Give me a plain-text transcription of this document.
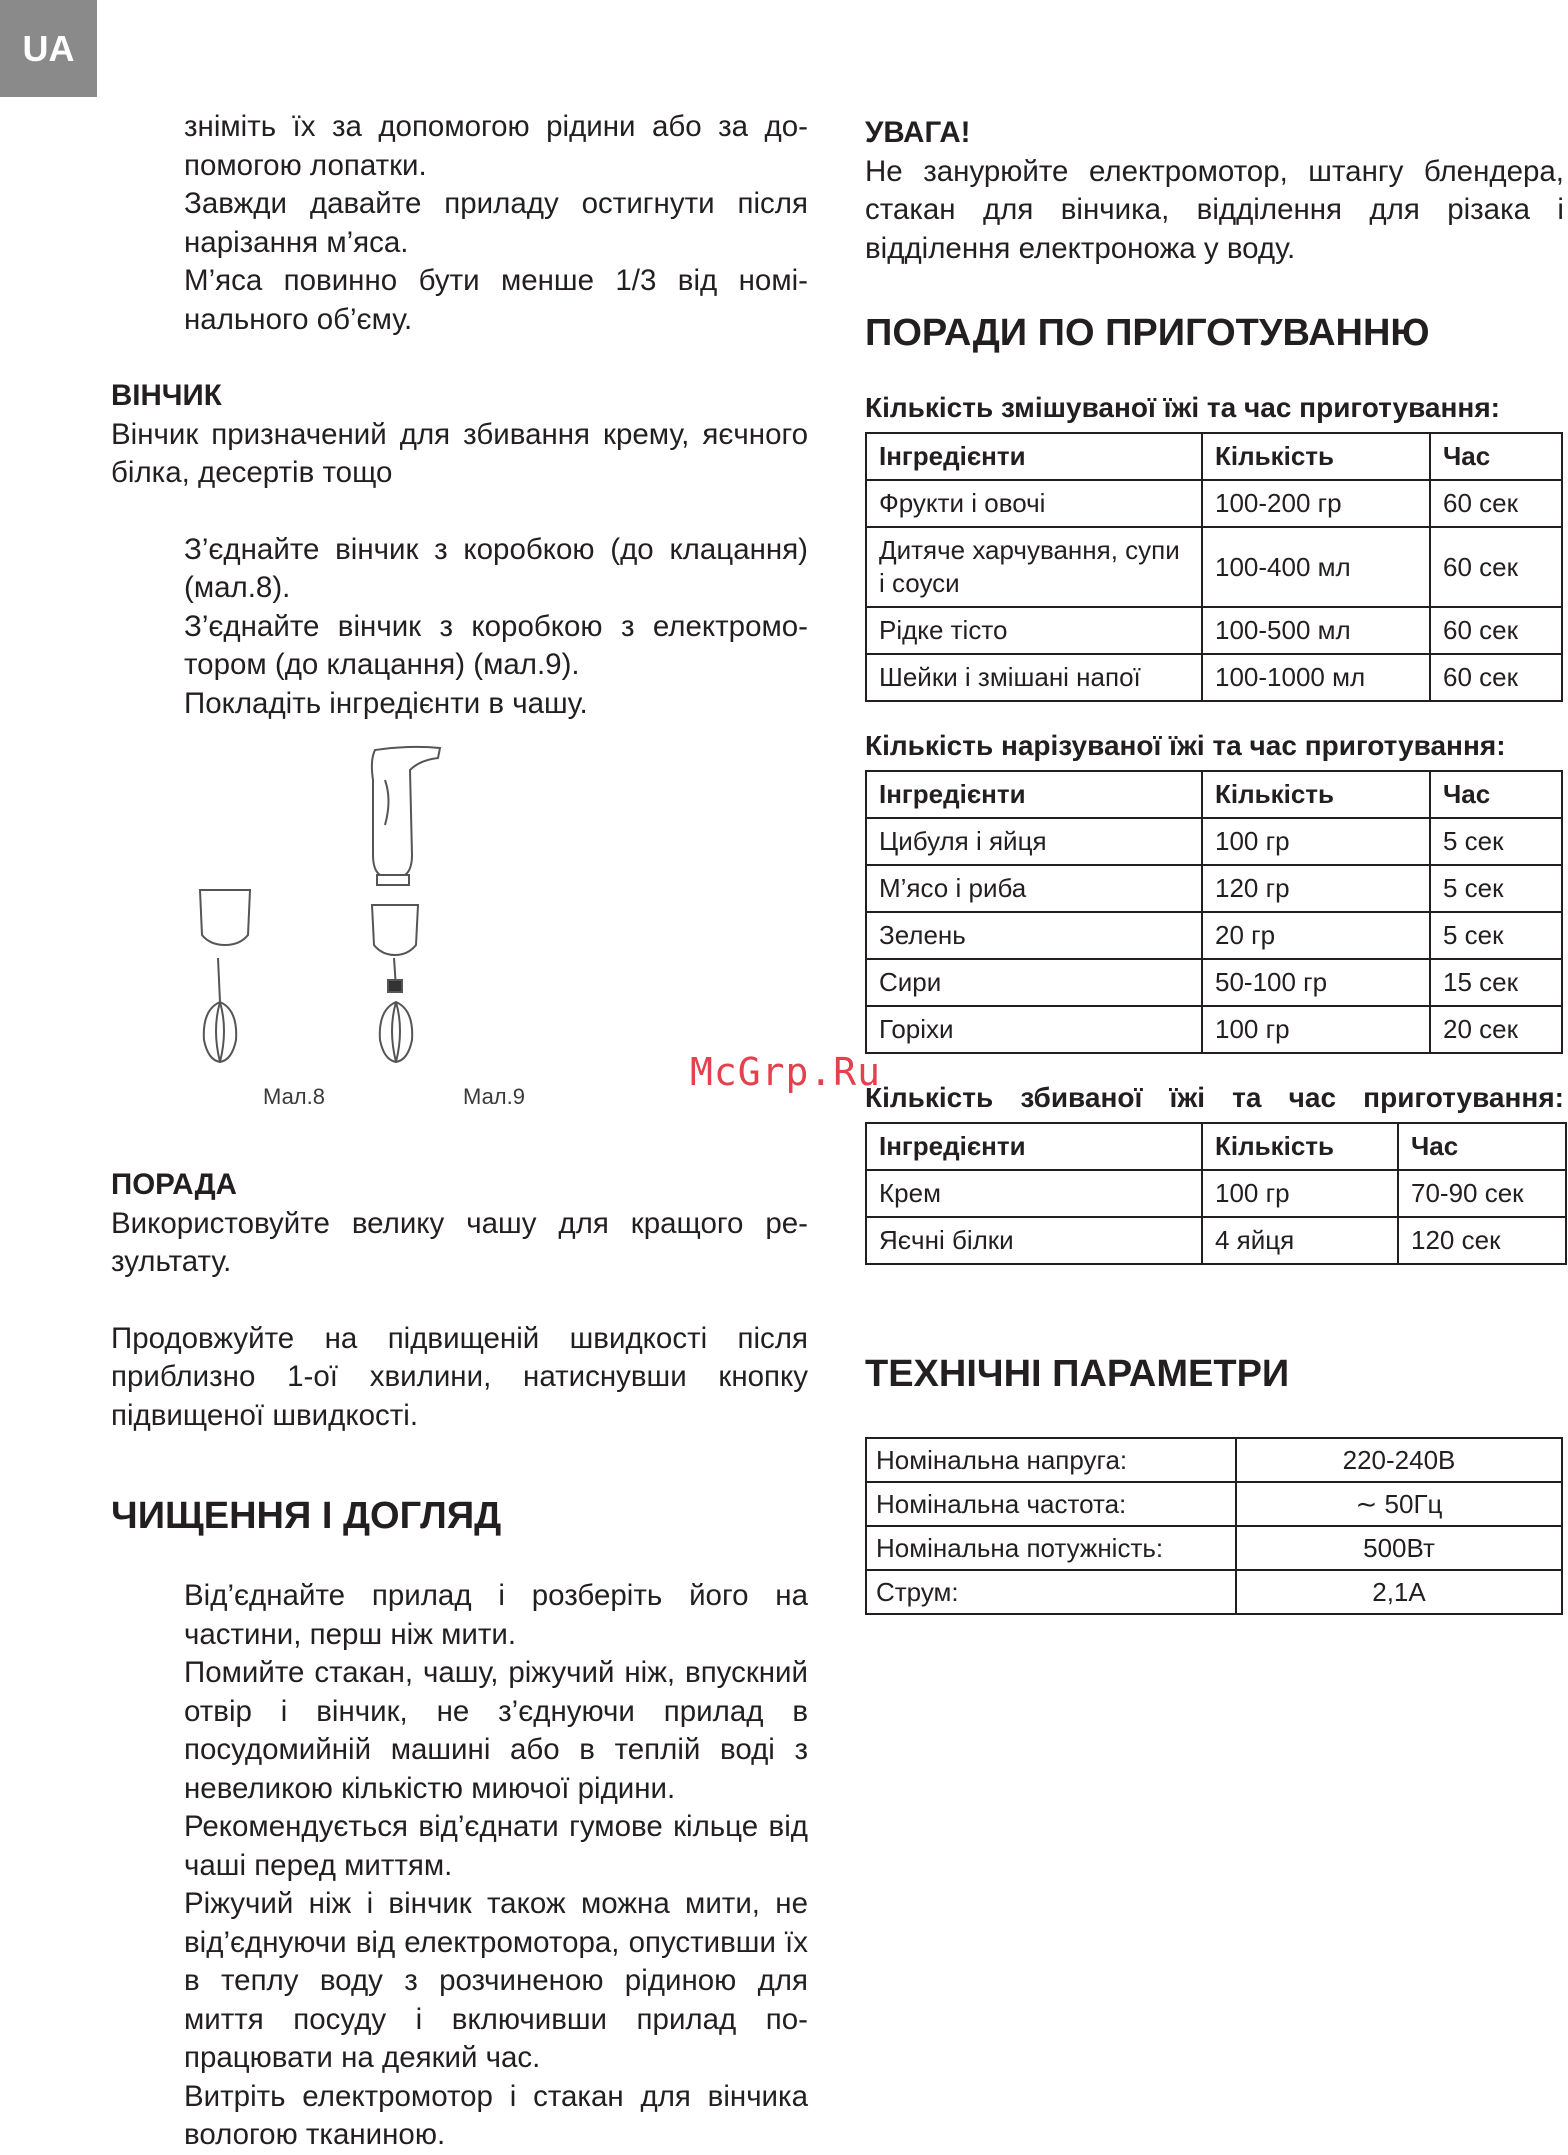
UA

зніміть їх за допомогою рідини або за допомогою лопатки.

Завжди давайте приладу остигнути після нарізання м’яса.

М’яса повинно бути менше 1/3 від номінального об’єму.

ВІНЧИК

Вінчик призначений для збивання крему, яєчного білка, десертів тощо

З’єднайте вінчик з коробкою (до клацання) (мал.8).

З’єднайте вінчик з коробкою з електромотором (до клацання) (мал.9).

Покладіть інгредієнти в чашу.

Мал.8	Мал.9
ПОРАДА

Використовуйте велику чашу для кращого результату.

Продовжуйте на підвищеній швидкості після приблизно 1-ої хвилини, натиснувши кнопку підвищеної швидкості.

ЧИЩЕННЯ І ДОГЛЯД

Від’єднайте прилад і розберіть його на частини, перш ніж мити.

Помийте стакан, чашу, ріжучий ніж, впускний отвір і вінчик, не з’єднуючи прилад в посудомийній машині або в теплій воді з невеликою кількістю миючої рідини.

Рекомендується від’єднати гумове кільце від чаші перед миттям.

Ріжучий ніж і вінчик також можна мити, не від’єднуючи від електромотора, опустивши їх в теплу воду з розчиненою рідиною для миття посуду і включивши прилад попрацювати на деякий час.

Витріть електромотор і стакан для вінчика вологою тканиною.

УВАГА!

Не занурюйте електромотор, штангу блендера, стакан для вінчика, відділення для різака і відділення електроножа у воду.

ПОРАДИ ПО ПРИГОТУВАННЮ
Кількість змішуваної їжі та час приготування:
Інгредієнти	Кількість	Час
Фрукти і овочі	100-200 гр	60 сек
Дитяче харчування, супи і соуси	100-400 мл	60 сек
Рідке тісто	100-500 мл	60 сек
Шейки і змішані напої	100-1000 мл	60 сек
Кількість нарізуваної їжі та час приготування:
Інгредієнти	Кількість	Час
Цибуля і яйця	100 гр	5 сек
М’ясо і риба	120 гр	5 сек
Зелень	20 гр	5 сек
Сири	50-100 гр	15 сек
Горіхи	100 гр	20 сек
Кількість збиваної їжі та час приготування:
Інгредієнти	Кількість	Час
Крем	100 гр	70-90 сек
Яєчні білки	4 яйця	120 сек
ТЕХНІЧНІ ПАРАМЕТРИ
Номінальна напруга:	220-240В
Номінальна частота:	∼ 50Гц
Номінальна потужність:	500Вт
Струм:	2,1А
McGrp.Ru
